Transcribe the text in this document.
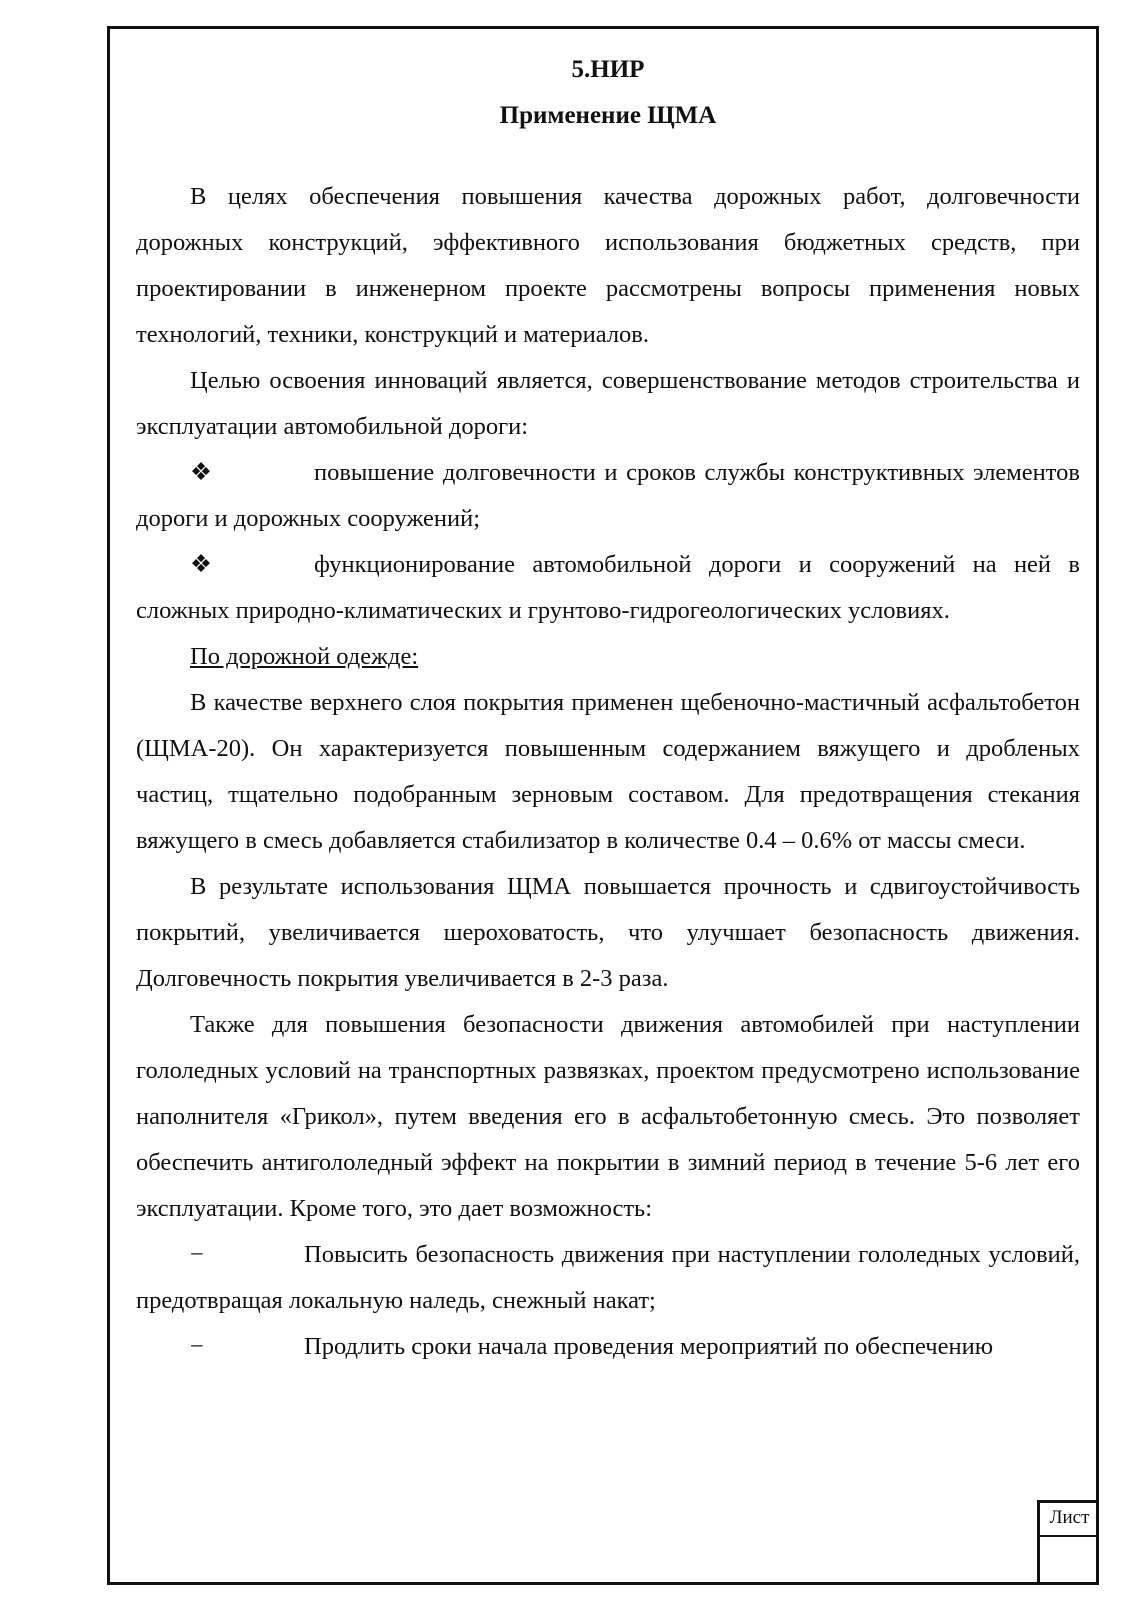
5.НИР
Применение ЩМА

В целях обеспечения повышения качества дорожных работ, долговечности дорожных конструкций, эффективного использования бюджетных средств, при проектировании в инженерном проекте рассмотрены вопросы применения новых технологий, техники, конструкций и материалов.

Целью освоения инноваций является, совершенствование методов строительства и эксплуатации автомобильной дороги:

❖	повышение долговечности и сроков службы конструктивных элементов дороги и дорожных сооружений;
❖	функционирование автомобильной дороги и сооружений на ней в сложных природно-климатических и грунтово-гидрогеологических условиях.

По дорожной одежде:

В качестве верхнего слоя покрытия применен щебеночно-мастичный асфальтобетон (ЩМА-20). Он характеризуется повышенным содержанием вяжущего и дробленых частиц, тщательно подобранным зерновым составом. Для предотвращения стекания вяжущего в смесь добавляется стабилизатор в количестве 0.4 – 0.6% от массы смеси.

В результате использования ЩМА повышается прочность и сдвигоустойчивость покрытий, увеличивается шероховатость, что улучшает безопасность движения. Долговечность покрытия увеличивается в 2-3 раза.

Также для повышения безопасности движения автомобилей при наступлении гололедных условий на транспортных развязках, проектом предусмотрено использование наполнителя «Грикол», путем введения его в асфальтобетонную смесь. Это позволяет обеспечить антигололедный эффект на покрытии в зимний период в течение 5-6 лет его эксплуатации. Кроме того, это дает возможность:

−	Повысить безопасность движения при наступлении гололедных условий, предотвращая локальную наледь, снежный накат;
−	Продлить сроки начала проведения мероприятий по обеспечению
Лист
